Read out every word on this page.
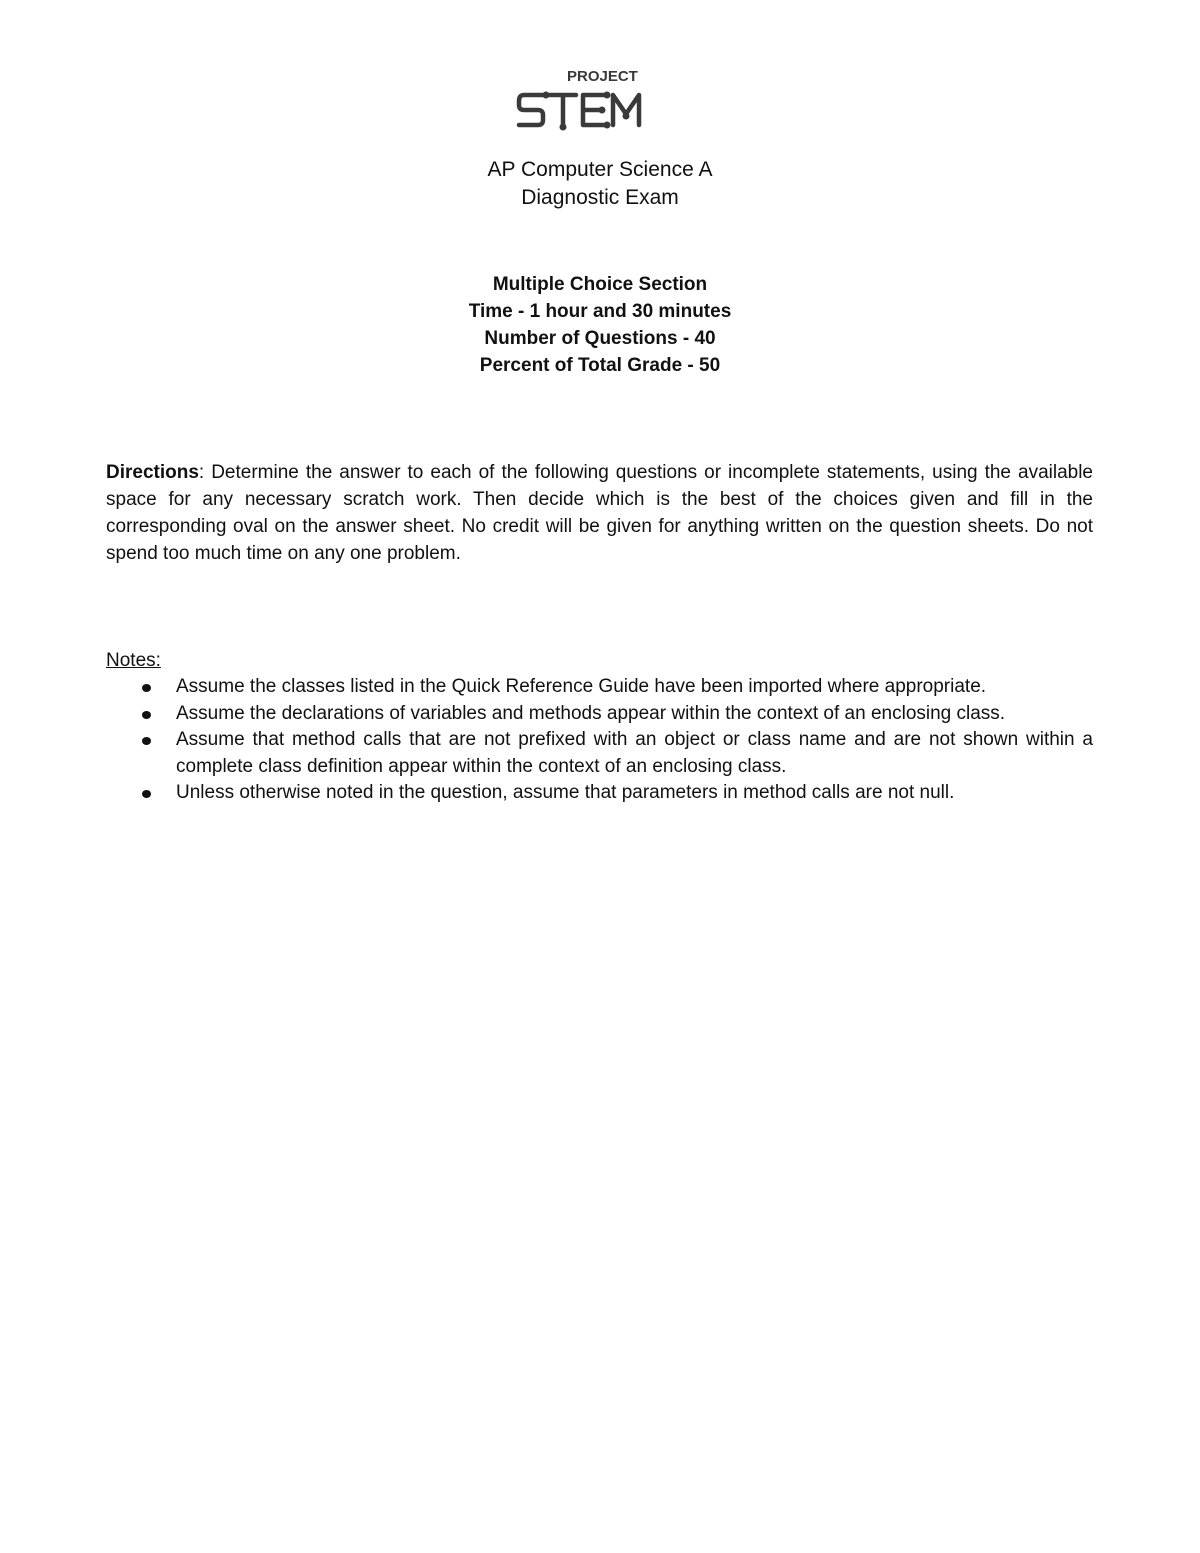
PROJECT
AP Computer Science A
Diagnostic Exam
Multiple Choice Section
Time - 1 hour and 30 minutes
Number of Questions - 40
Percent of Total Grade - 50

Directions: Determine the answer to each of the following questions or incomplete statements, using the available space for any necessary scratch work. Then decide which is the best of the choices given and fill in the corresponding oval on the answer sheet. No credit will be given for anything written on the question sheets. Do not spend too much time on any one problem.

Notes:

Assume the classes listed in the Quick Reference Guide have been imported where appropriate.
Assume the declarations of variables and methods appear within the context of an enclosing class.
Assume that method calls that are not prefixed with an object or class name and are not shown within a complete class definition appear within the context of an enclosing class.
Unless otherwise noted in the question, assume that parameters in method calls are not null.
